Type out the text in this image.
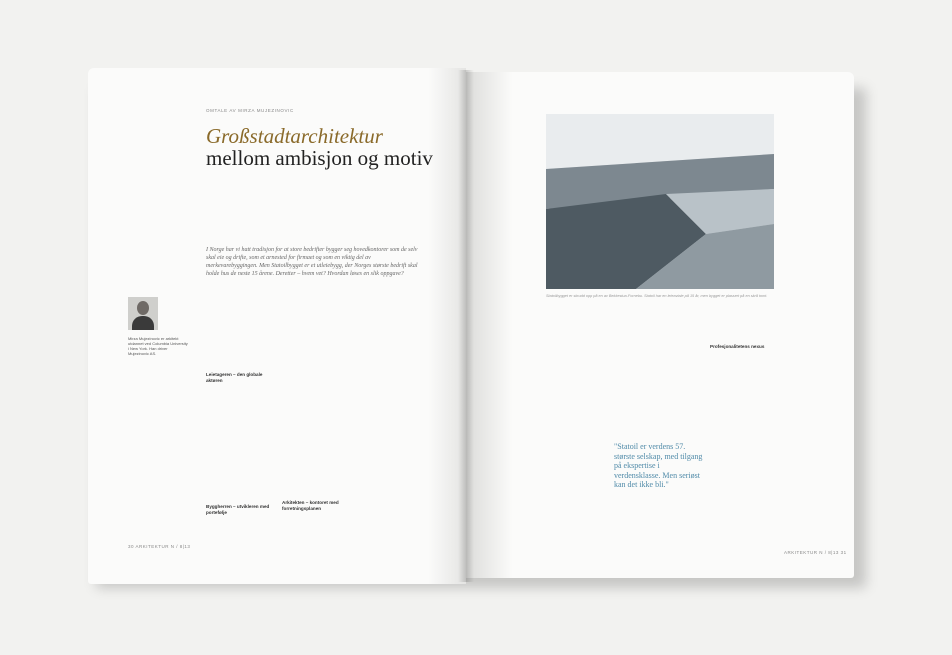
OMTALE AV MIRZA MUJEZINOVIC
Großstadtarchitektur
mellom ambisjon og motiv
I Norge har vi hatt tradisjon for at store bedrifter bygger seg hovedkontorer som de selv skal eie og drifte, som et arnested for firmaet og som en viktig del av merkevarebyggingen. Men Statoilbygget er et utleiebygg, der Norges største bedrift skal holde hus de neste 15 årene. Deretter – hvem vet? Hvordan løses en slik oppgave?
Mirza Mujezinovic er arkitekt utdannet ved Columbia University i New York. Han driver Mujezinovic AS.
Leietageren – den globale aktøren
Byggherren – utvikleren med portefølje
Arkitekten – kontoret med forretningsplanen
30 ARKITEKTUR N / 8|13
Statoilbygget er skrudd opp på en av Bekkestua-Fornebu. Statoil har en leieavtale på 15 år, men bygget er plassert på en skrå tomt.
"Statoil er verdens 57. største selskap, med tilgang på ekspertise i verdensklasse. Men seriøst kan det ikke bli."
Profesjonalitetens nexus
ARKITEKTUR N / 8|13 31
